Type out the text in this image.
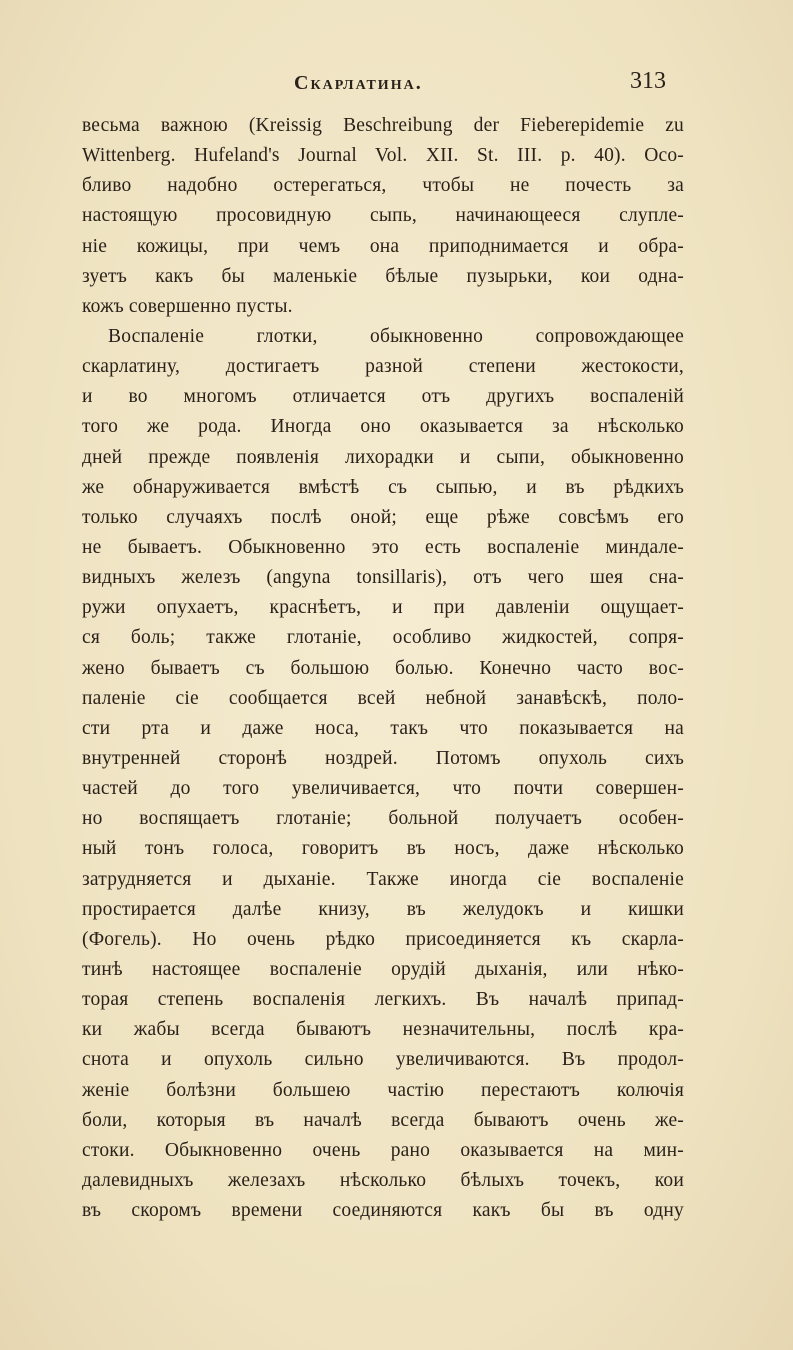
Скарлатина.	313
весьма важною (Kreissig Beschreibung der Fieberepidemie zu
Wittenberg. Hufeland's Journal Vol. XII. St. III. p. 40). Осо-
бливо надобно остерегаться, чтобы не почесть за
настоящую просовидную сыпь, начинающееся слупле-
ніе кожицы, при чемъ она приподнимается и обра-
зуетъ какъ бы маленькіе бѣлые пузырьки, кои одна-
кожъ совершенно пусты.
Воспаленіе глотки, обыкновенно сопровождающее
скарлатину, достигаетъ разной степени жестокости,
и во многомъ отличается отъ другихъ воспаленій
того же рода. Иногда оно оказывается за нѣсколько
дней прежде появленія лихорадки и сыпи, обыкновенно
же обнаруживается вмѣстѣ съ сыпью, и въ рѣдкихъ
только случаяхъ послѣ оной; еще рѣже совсѣмъ его
не бываетъ. Обыкновенно это есть воспаленіе миндале-
видныхъ железъ (angyna tonsillaris), отъ чего шея сна-
ружи опухаетъ, краснѣетъ, и при давленіи ощущает-
ся боль; также глотаніе, особливо жидкостей, сопря-
жено бываетъ съ большою болью. Конечно часто вос-
паленіе сіе сообщается всей небной занавѣскѣ, поло-
сти рта и даже носа, такъ что показывается на
внутренней сторонѣ ноздрей. Потомъ опухоль сихъ
частей до того увеличивается, что почти совершен-
но воспящаетъ глотаніе; больной получаетъ особен-
ный тонъ голоса, говоритъ въ носъ, даже нѣсколько
затрудняется и дыханіе. Также иногда сіе воспаленіе
простирается далѣе книзу, въ желудокъ и кишки
(Фогель). Но очень рѣдко присоединяется къ скарла-
тинѣ настоящее воспаленіе орудій дыханія, или нѣко-
торая степень воспаленія легкихъ. Въ началѣ припад-
ки жабы всегда бываютъ незначительны, послѣ кра-
снота и опухоль сильно увеличиваются. Въ продол-
женіе болѣзни большею частію перестаютъ колючія
боли, которыя въ началѣ всегда бываютъ очень же-
стоки. Обыкновенно очень рано оказывается на мин-
далевидныхъ железахъ нѣсколько бѣлыхъ точекъ, кои
въ скоромъ времени соединяются какъ бы въ одну
